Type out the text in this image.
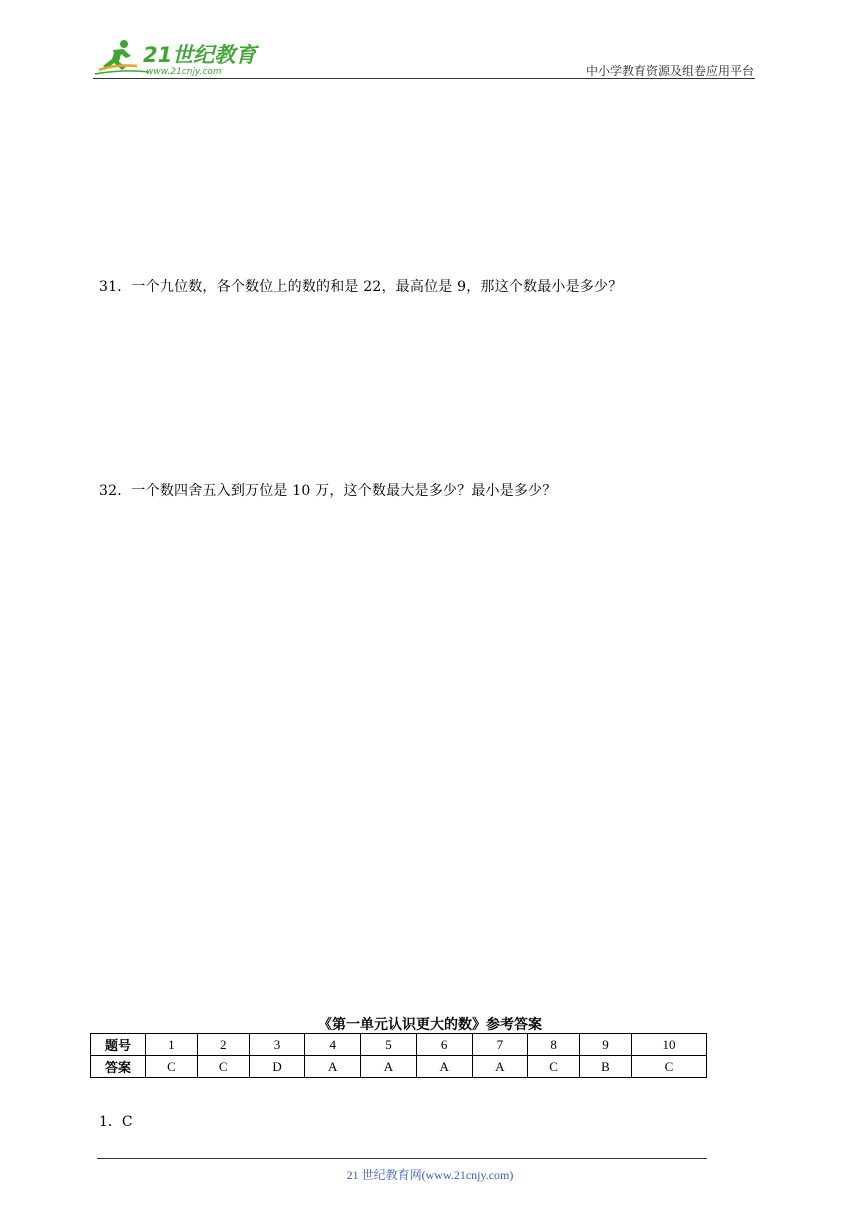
21世纪教育
www.21cnjy.com	中小学教育资源及组卷应用平台
31．一个九位数，各个数位上的数的和是 22，最高位是 9，那这个数最小是多少？
32．一个数四舍五入到万位是 10 万，这个数最大是多少？最小是多少？
《第一单元认识更大的数》参考答案
题号	1	2	3	4	5	6	7	8	9	10
答案	C	C	D	A	A	A	A	C	B	C
1．C
21 世纪教育网(www.21cnjy.com)
